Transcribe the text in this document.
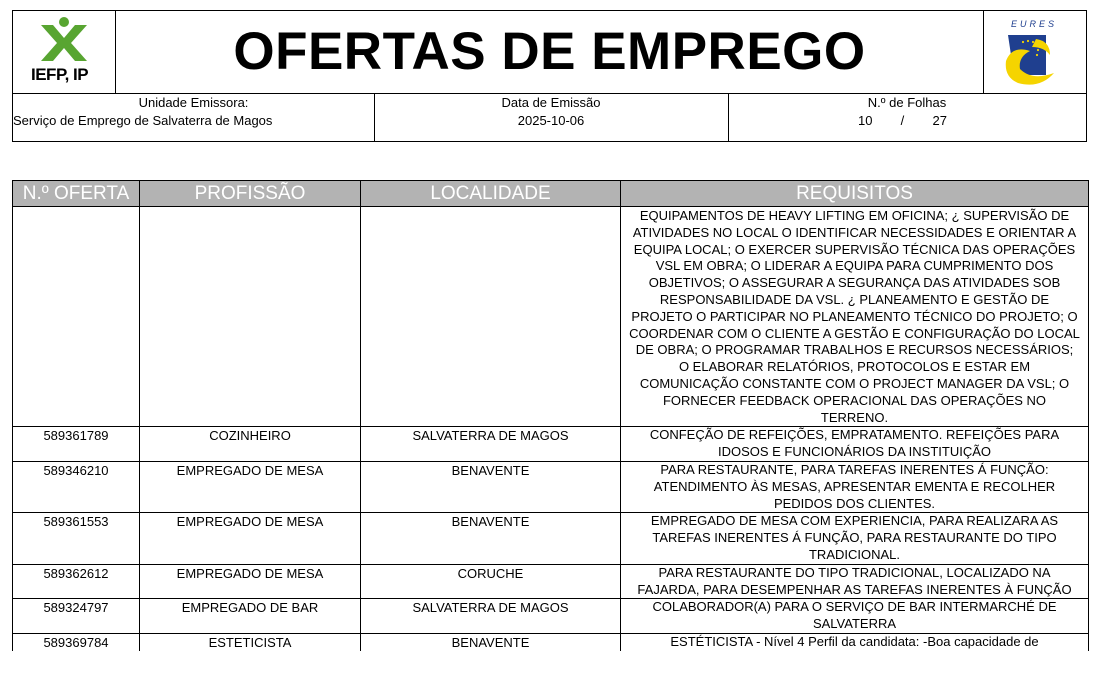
IEFP, IP	OFERTAS DE EMPREGO	EURES
Unidade Emissora:
Serviço de Emprego de Salvaterra de Magos
Data de Emissão
2025-10-06
N.º de Folhas
10 / 27
N.º OFERTA	PROFISSÃO	LOCALIDADE	REQUISITOS
			EQUIPAMENTOS DE HEAVY LIFTING EM OFICINA; ¿ SUPERVISÃO DE ATIVIDADES NO LOCAL O IDENTIFICAR NECESSIDADES E ORIENTAR A EQUIPA LOCAL; O EXERCER SUPERVISÃO TÉCNICA DAS OPERAÇÕES VSL EM OBRA; O LIDERAR A EQUIPA PARA CUMPRIMENTO DOS OBJETIVOS; O ASSEGURAR A SEGURANÇA DAS ATIVIDADES SOB RESPONSABILIDADE DA VSL. ¿ PLANEAMENTO E GESTÃO DE PROJETO O PARTICIPAR NO PLANEAMENTO TÉCNICO DO PROJETO; O COORDENAR COM O CLIENTE A GESTÃO E CONFIGURAÇÃO DO LOCAL DE OBRA; O PROGRAMAR TRABALHOS E RECURSOS NECESSÁRIOS; O ELABORAR RELATÓRIOS, PROTOCOLOS E ESTAR EM COMUNICAÇÃO CONSTANTE COM O PROJECT MANAGER DA VSL; O FORNECER FEEDBACK OPERACIONAL DAS OPERAÇÕES NO TERRENO.
589361789	COZINHEIRO	SALVATERRA DE MAGOS	CONFEÇÃO DE REFEIÇÕES, EMPRATAMENTO. REFEIÇÕES PARA IDOSOS E FUNCIONÁRIOS DA INSTITUIÇÃO
589346210	EMPREGADO DE MESA	BENAVENTE	PARA RESTAURANTE, PARA TAREFAS INERENTES Á FUNÇÃO: ATENDIMENTO ÀS MESAS, APRESENTAR EMENTA E RECOLHER PEDIDOS DOS CLIENTES.
589361553	EMPREGADO DE MESA	BENAVENTE	EMPREGADO DE MESA COM EXPERIENCIA, PARA REALIZARA AS TAREFAS INERENTES Á FUNÇÃO, PARA RESTAURANTE DO TIPO TRADICIONAL.
589362612	EMPREGADO DE MESA	CORUCHE	PARA RESTAURANTE DO TIPO TRADICIONAL, LOCALIZADO NA FAJARDA, PARA DESEMPENHAR AS TAREFAS INERENTES À FUNÇÃO
589324797	EMPREGADO DE BAR	SALVATERRA DE MAGOS	COLABORADOR(A) PARA O SERVIÇO DE BAR INTERMARCHÉ DE SALVATERRA
589369784	ESTETICISTA	BENAVENTE	ESTÉTICISTA - Nível 4 Perfil da candidata: -Boa capacidade de
